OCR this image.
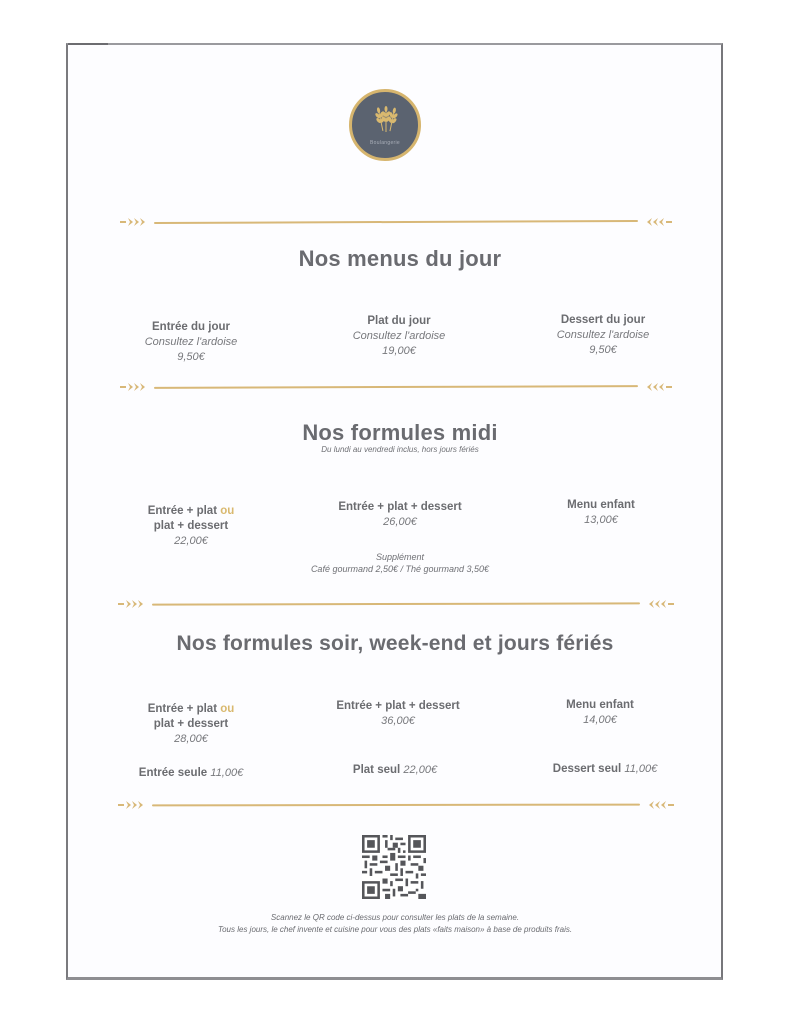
Boulangerie
Nos menus du jour
Entrée du jour
Consultez l'ardoise
9,50€
Plat du jour
Consultez l'ardoise
19,00€
Dessert du jour
Consultez l'ardoise
9,50€
Nos formules midi
Du lundi au vendredi inclus, hors jours fériés
Entrée + plat ou
plat + dessert
22,00€
Entrée + plat + dessert
26,00€
Menu enfant
13,00€
Supplément
Café gourmand 2,50€ / Thé gourmand 3,50€
Nos formules soir, week-end et jours fériés
Entrée + plat ou
plat + dessert
28,00€
Entrée + plat + dessert
36,00€
Menu enfant
14,00€
Entrée seule 11,00€	Plat seul 22,00€	Dessert seul 11,00€
Scannez le QR code ci-dessus pour consulter les plats de la semaine.
Tous les jours, le chef invente et cuisine pour vous des plats «faits maison» à base de produits frais.
